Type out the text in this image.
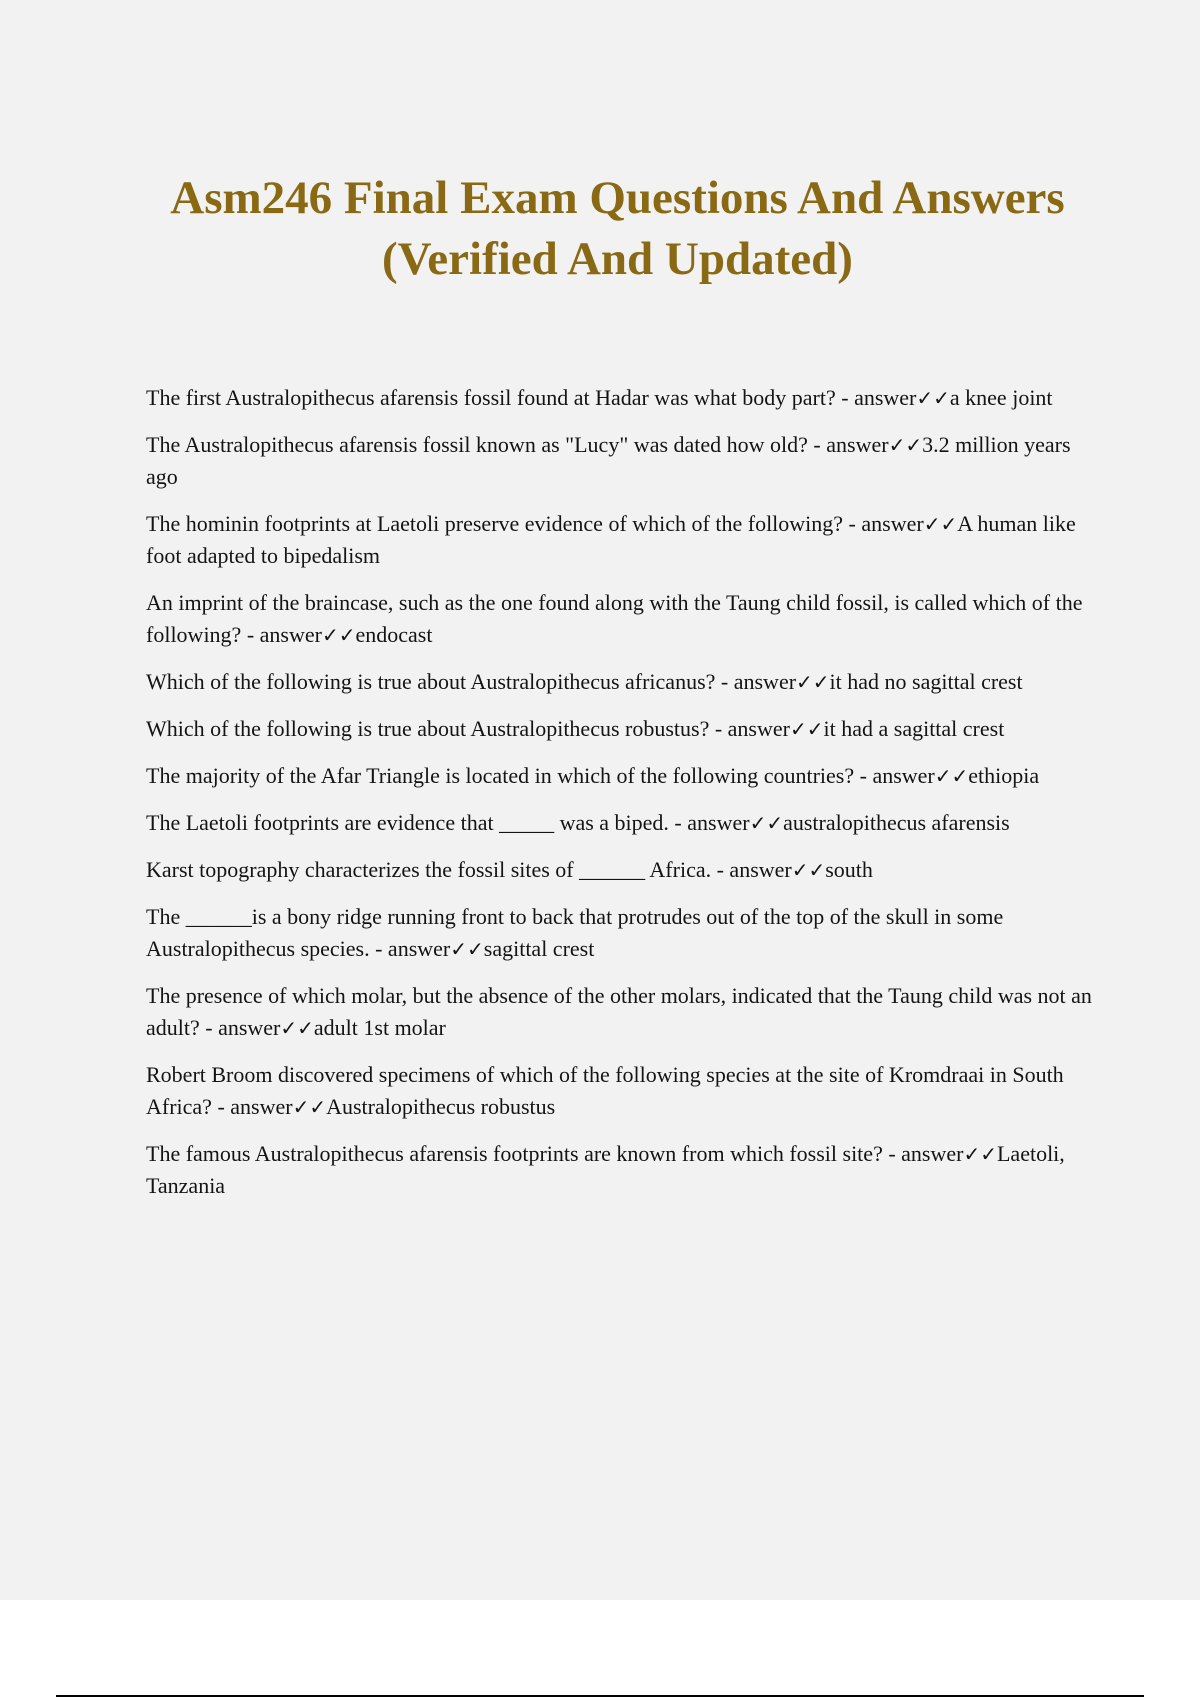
Asm246 Final Exam Questions And Answers (Verified And Updated)
The first Australopithecus afarensis fossil found at Hadar was what body part? - answer✓✓a knee joint
The Australopithecus afarensis fossil known as "Lucy" was dated how old? - answer✓✓3.2 million years ago
The hominin footprints at Laetoli preserve evidence of which of the following? - answer✓✓A human like foot adapted to bipedalism
An imprint of the braincase, such as the one found along with the Taung child fossil, is called which of the following? - answer✓✓endocast
Which of the following is true about Australopithecus africanus? - answer✓✓it had no sagittal crest
Which of the following is true about Australopithecus robustus? - answer✓✓it had a sagittal crest
The majority of the Afar Triangle is located in which of the following countries? - answer✓✓ethiopia
The Laetoli footprints are evidence that _____ was a biped. - answer✓✓australopithecus afarensis
Karst topography characterizes the fossil sites of ______ Africa. - answer✓✓south
The ______is a bony ridge running front to back that protrudes out of the top of the skull in some Australopithecus species. - answer✓✓sagittal crest
The presence of which molar, but the absence of the other molars, indicated that the Taung child was not an adult? - answer✓✓adult 1st molar
Robert Broom discovered specimens of which of the following species at the site of Kromdraai in South Africa? - answer✓✓Australopithecus robustus
The famous Australopithecus afarensis footprints are known from which fossil site? - answer✓✓Laetoli, Tanzania
